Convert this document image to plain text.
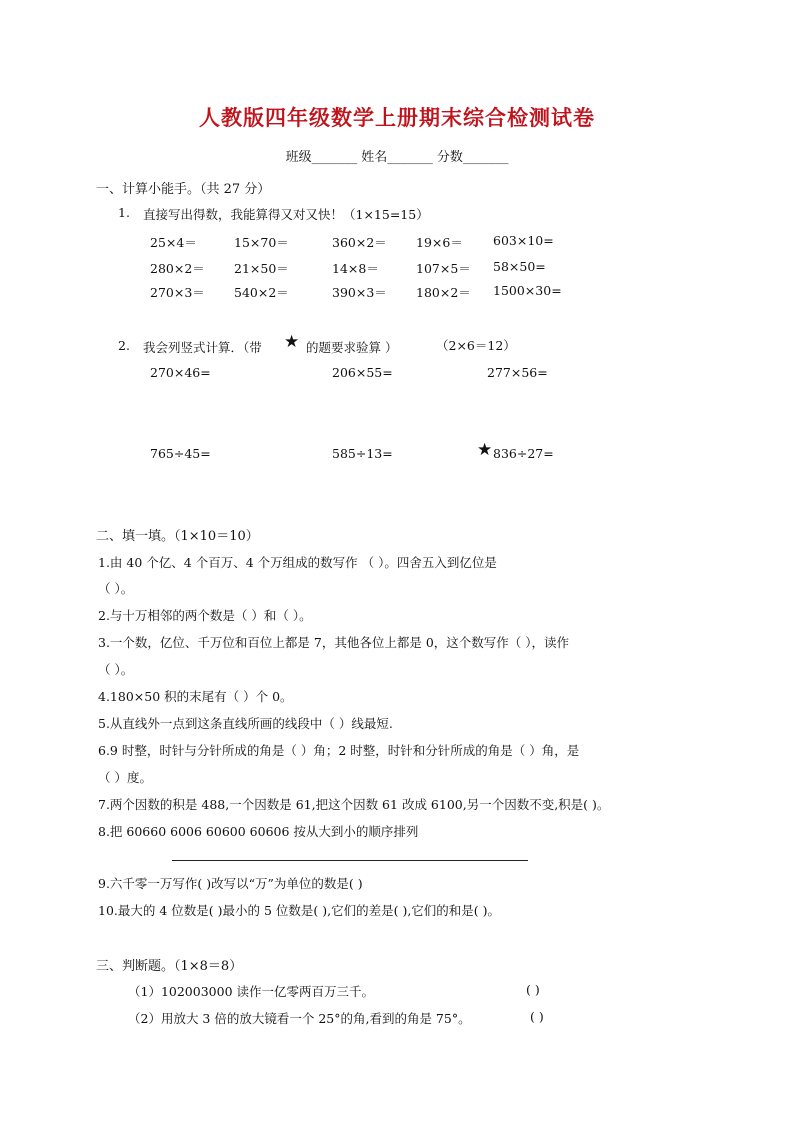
人教版四年级数学上册期末综合检测试卷
班级_______ 姓名_______ 分数_______
一、计算小能手。（共 27 分）
1. 直接写出得数，我能算得又对又快！（1×15=15）
25×4＝	15×70＝	360×2＝ 19×6＝ 603×10=
280×2＝ 21×50＝	14×8＝	107×5＝ 58×50=
270×3＝ 540×2＝	390×3＝ 180×2＝ 1500×30=
2. 我会列竖式计算．（带 ★ 的题要求验算 ）	（2×6＝12）
270×46=	206×55=	277×56=
765÷45=	585÷13=	★ 836÷27=
二、填一填。（1×10＝10）
1.由 40 个亿、4 个百万、4 个万组成的数写作 （ ）。四舍五入到亿位是
（ ）。
2.与十万相邻的两个数是（ ）和（ ）。
3.一个数，亿位、千万位和百位上都是 7，其他各位上都是 0，这个数写作（ ），读作
（ ）。
4.180×50 积的末尾有（ ）个 0。
5.从直线外一点到这条直线所画的线段中（ ）线最短.
6.9 时整，时针与分针所成的角是（ ）角；2 时整，时针和分针所成的角是（ ）角，是
（ ）度。
7.两个因数的积是 488,一个因数是 61,把这个因数 61 改成 6100,另一个因数不变,积是( )。
8.把 60660 6006 60600 60606 按从大到小的顺序排列
9.六千零一万写作( )改写以“万”为单位的数是( )
10.最大的 4 位数是( )最小的 5 位数是( ),它们的差是( ),它们的和是( )。
三、判断题。（1×8＝8）
（1）102003000 读作一亿零两百万三千。	( )
（2）用放大 3 倍的放大镜看一个 25°的角,看到的角是 75°。	( )
